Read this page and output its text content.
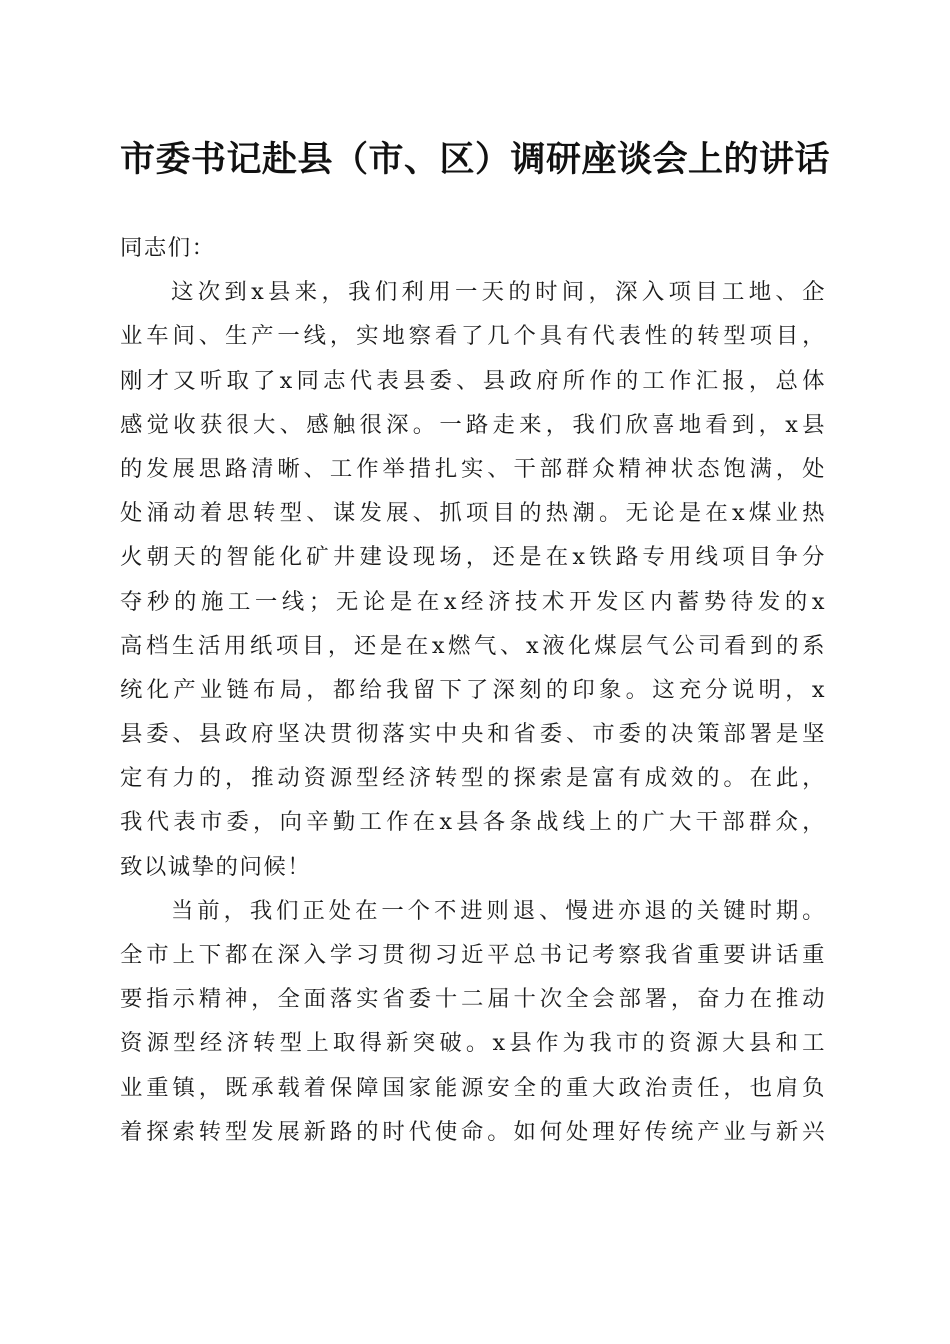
市委书记赴县（市、区）调研座谈会上的讲话
同志们：
这次到x县来，我们利用一天的时间，深入项目工地、企
业车间、生产一线，实地察看了几个具有代表性的转型项目，
刚才又听取了x同志代表县委、县政府所作的工作汇报，总体
感觉收获很大、感触很深。一路走来，我们欣喜地看到，x县
的发展思路清晰、工作举措扎实、干部群众精神状态饱满，处
处涌动着思转型、谋发展、抓项目的热潮。无论是在x煤业热
火朝天的智能化矿井建设现场，还是在x铁路专用线项目争分
夺秒的施工一线；无论是在x经济技术开发区内蓄势待发的x
高档生活用纸项目，还是在x燃气、x液化煤层气公司看到的系
统化产业链布局，都给我留下了深刻的印象。这充分说明，x
县委、县政府坚决贯彻落实中央和省委、市委的决策部署是坚
定有力的，推动资源型经济转型的探索是富有成效的。在此，
我代表市委，向辛勤工作在x县各条战线上的广大干部群众，
致以诚挚的问候！
当前，我们正处在一个不进则退、慢进亦退的关键时期。
全市上下都在深入学习贯彻习近平总书记考察我省重要讲话重
要指示精神，全面落实省委十二届十次全会部署，奋力在推动
资源型经济转型上取得新突破。x县作为我市的资源大县和工
业重镇，既承载着保障国家能源安全的重大政治责任，也肩负
着探索转型发展新路的时代使命。如何处理好传统产业与新兴
